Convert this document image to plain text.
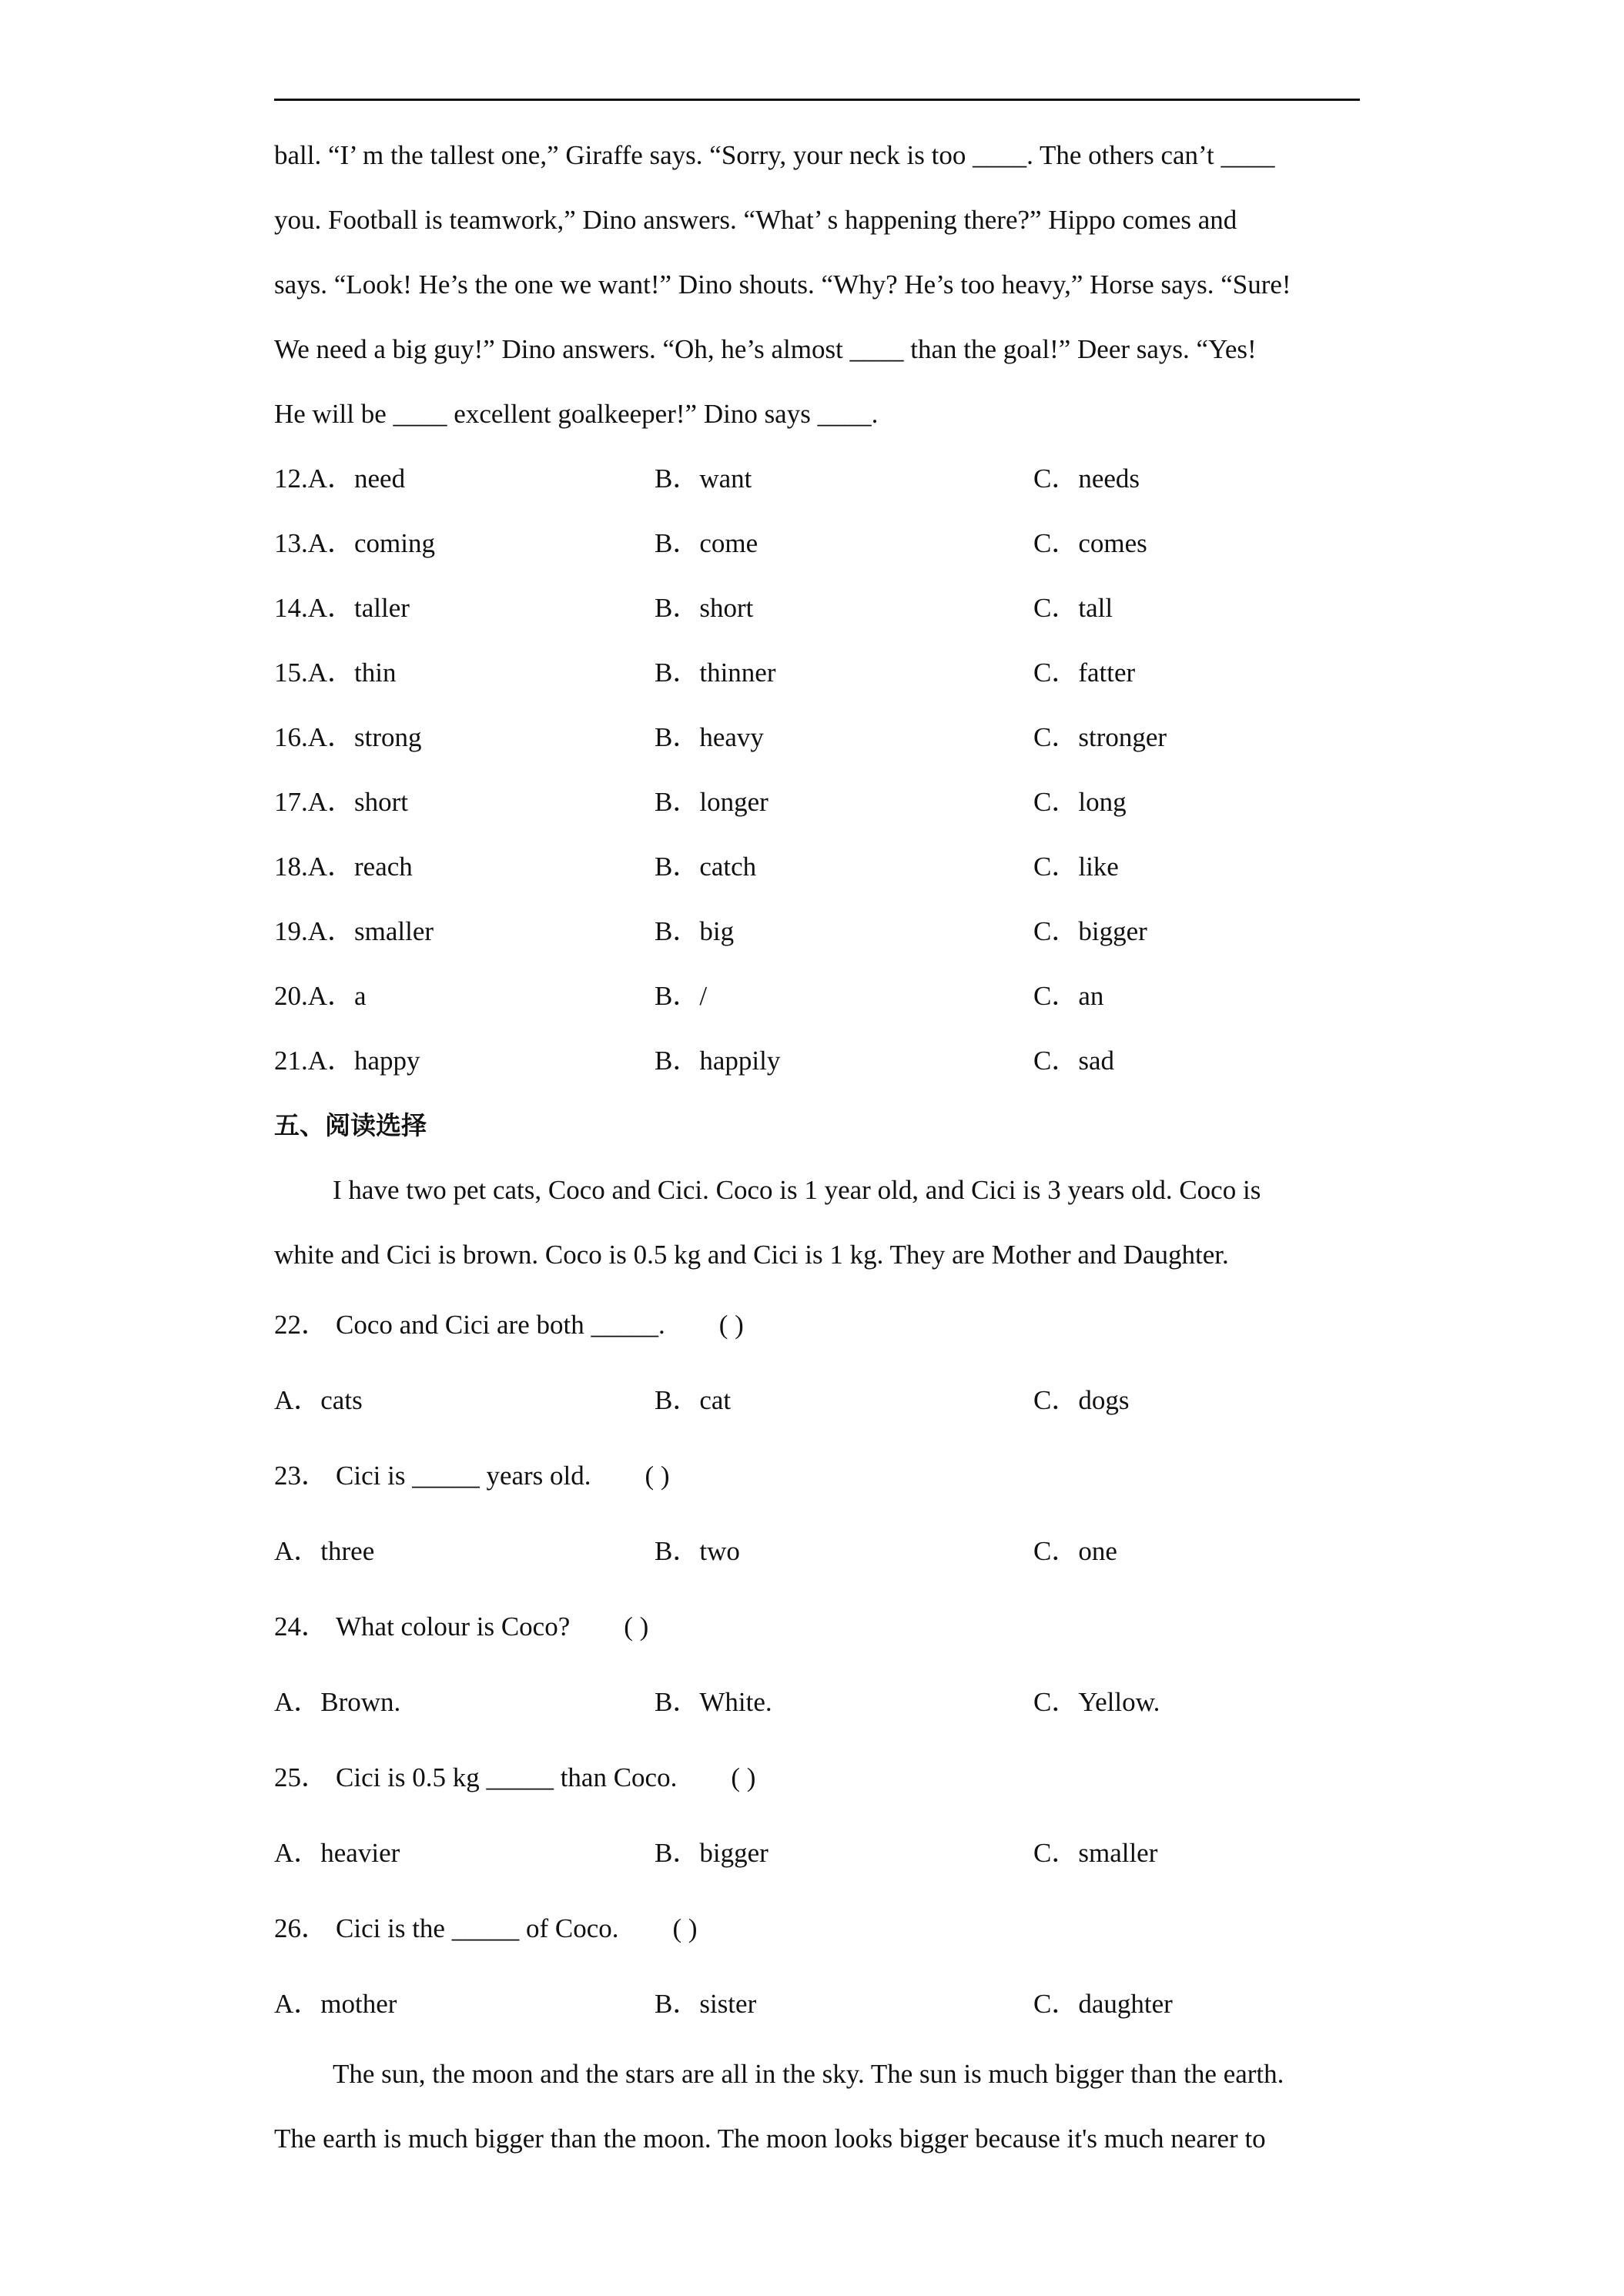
ball. “I’ m the tallest one,” Giraffe says. “Sorry, your neck is too ____. The others can’t ____
you. Football is teamwork,” Dino answers. “What’ s happening there?” Hippo comes and
says. “Look! He’s the one we want!” Dino shouts. “Why? He’s too heavy,” Horse says. “Sure!
We need a big guy!” Dino answers. “Oh, he’s almost ____ than the goal!” Deer says. “Yes!
He will be ____ excellent goalkeeper!” Dino says ____.
12.A．need	B．want	C．needs
13.A．coming	B．come	C．comes
14.A．taller	B．short	C．tall
15.A．thin	B．thinner	C．fatter
16.A．strong	B．heavy	C．stronger
17.A．short	B．longer	C．long
18.A．reach	B．catch	C．like
19.A．smaller	B．big	C．bigger
20.A．a	B．/	C．an
21.A．happy	B．happily	C．sad
五、阅读选择
I have two pet cats, Coco and Cici. Coco is 1 year old, and Cici is 3 years old. Coco is
white and Cici is brown. Coco is 0.5 kg and Cici is 1 kg. They are Mother and Daughter.
22． Coco and Cici are both _____. ( )
A．cats	B．cat	C．dogs
23． Cici is _____ years old. ( )
A．three	B．two	C．one
24． What colour is Coco? ( )
A．Brown.	B．White.	C．Yellow.
25． Cici is 0.5 kg _____ than Coco. ( )
A．heavier	B．bigger	C．smaller
26． Cici is the _____ of Coco. ( )
A．mother	B．sister	C．daughter
The sun, the moon and the stars are all in the sky. The sun is much bigger than the earth.
The earth is much bigger than the moon. The moon looks bigger because it's much nearer to
